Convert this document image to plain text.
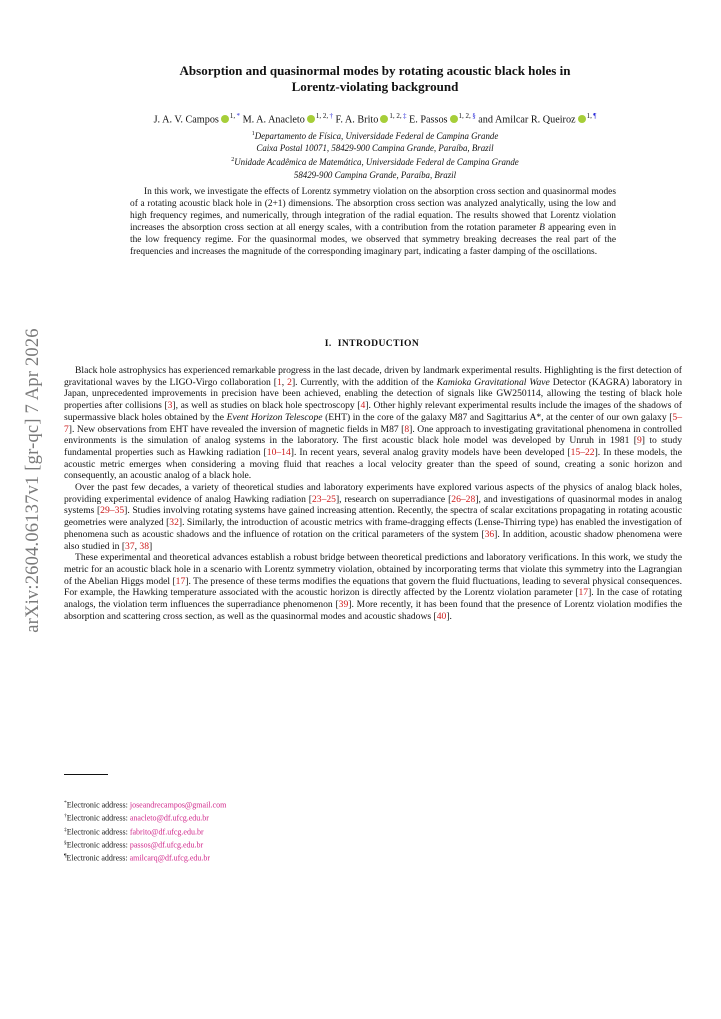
arXiv:2604.06137v1 [gr-qc] 7 Apr 2026
Absorption and quasinormal modes by rotating acoustic black holes in
Lorentz-violating background
J. A. V. Campos $^{1, *}$ M. A. Anacleto $^{1, 2, \dagger}$ F. A. Brito $^{1, 2, \ddagger}$ E. Passos $^{1, 2, \S}$ and Amilcar R. Queiroz $^{1, \P}$
$^1$Departamento de Física, Universidade Federal de Campina Grande
Caixa Postal 10071, 58429-900 Campina Grande, Paraíba, Brazil
$^2$Unidade Acadêmica de Matemática, Universidade Federal de Campina Grande
58429-900 Campina Grande, Paraíba, Brazil
In this work, we investigate the effects of Lorentz symmetry violation on the absorption cross section and quasinormal modes of a rotating acoustic black hole in (2+1) dimensions. The absorption cross section was analyzed analytically, using the low and high frequency regimes, and numerically, through integration of the radial equation. The results showed that Lorentz violation increases the absorption cross section at all energy scales, with a contribution from the rotation parameter B appearing even in the low frequency regime. For the quasinormal modes, we observed that symmetry breaking decreases the real part of the frequencies and increases the magnitude of the corresponding imaginary part, indicating a faster damping of the oscillations.
I. INTRODUCTION

Black hole astrophysics has experienced remarkable progress in the last decade, driven by landmark experimental results. Highlighting is the first detection of gravitational waves by the LIGO-Virgo collaboration [1, 2]. Currently, with the addition of the Kamioka Gravitational Wave Detector (KAGRA) laboratory in Japan, unprecedented improvements in precision have been achieved, enabling the detection of signals like GW250114, allowing the testing of black hole properties after collisions [3], as well as studies on black hole spectroscopy [4]. Other highly relevant experimental results include the images of the shadows of supermassive black holes obtained by the Event Horizon Telescope (EHT) in the core of the galaxy M87 and Sagittarius A*, at the center of our own galaxy [5–7]. New observations from EHT have revealed the inversion of magnetic fields in M87 [8]. One approach to investigating gravitational phenomena in controlled environments is the simulation of analog systems in the laboratory. The first acoustic black hole model was developed by Unruh in 1981 [9] to study fundamental properties such as Hawking radiation [10–14]. In recent years, several analog gravity models have been developed [15–22]. In these models, the acoustic metric emerges when considering a moving fluid that reaches a local velocity greater than the speed of sound, creating a sonic horizon and consequently, an acoustic analog of a black hole.

Over the past few decades, a variety of theoretical studies and laboratory experiments have explored various aspects of the physics of analog black holes, providing experimental evidence of analog Hawking radiation [23–25], research on superradiance [26–28], and investigations of quasinormal modes in analog systems [29–35]. Studies involving rotating systems have gained increasing attention. Recently, the spectra of scalar excitations propagating in rotating acoustic geometries were analyzed [32]. Similarly, the introduction of acoustic metrics with frame-dragging effects (Lense-Thirring type) has enabled the investigation of phenomena such as acoustic shadows and the influence of rotation on the critical parameters of the system [36]. In addition, acoustic shadow phenomena were also studied in [37, 38]

These experimental and theoretical advances establish a robust bridge between theoretical predictions and laboratory verifications. In this work, we study the metric for an acoustic black hole in a scenario with Lorentz symmetry violation, obtained by incorporating terms that violate this symmetry into the Lagrangian of the Abelian Higgs model [17]. The presence of these terms modifies the equations that govern the fluid fluctuations, leading to several physical consequences. For example, the Hawking temperature associated with the acoustic horizon is directly affected by the Lorentz violation parameter [17]. In the case of rotating analogs, the violation term influences the superradiance phenomenon [39]. More recently, it has been found that the presence of Lorentz violation modifies the absorption and scattering cross section, as well as the quasinormal modes and acoustic shadows [40].

*Electronic address: joseandrecampos@gmail.com
†Electronic address: anacleto@df.ufcg.edu.br
‡Electronic address: fabrito@df.ufcg.edu.br
§Electronic address: passos@df.ufcg.edu.br
¶Electronic address: amilcarq@df.ufcg.edu.br
